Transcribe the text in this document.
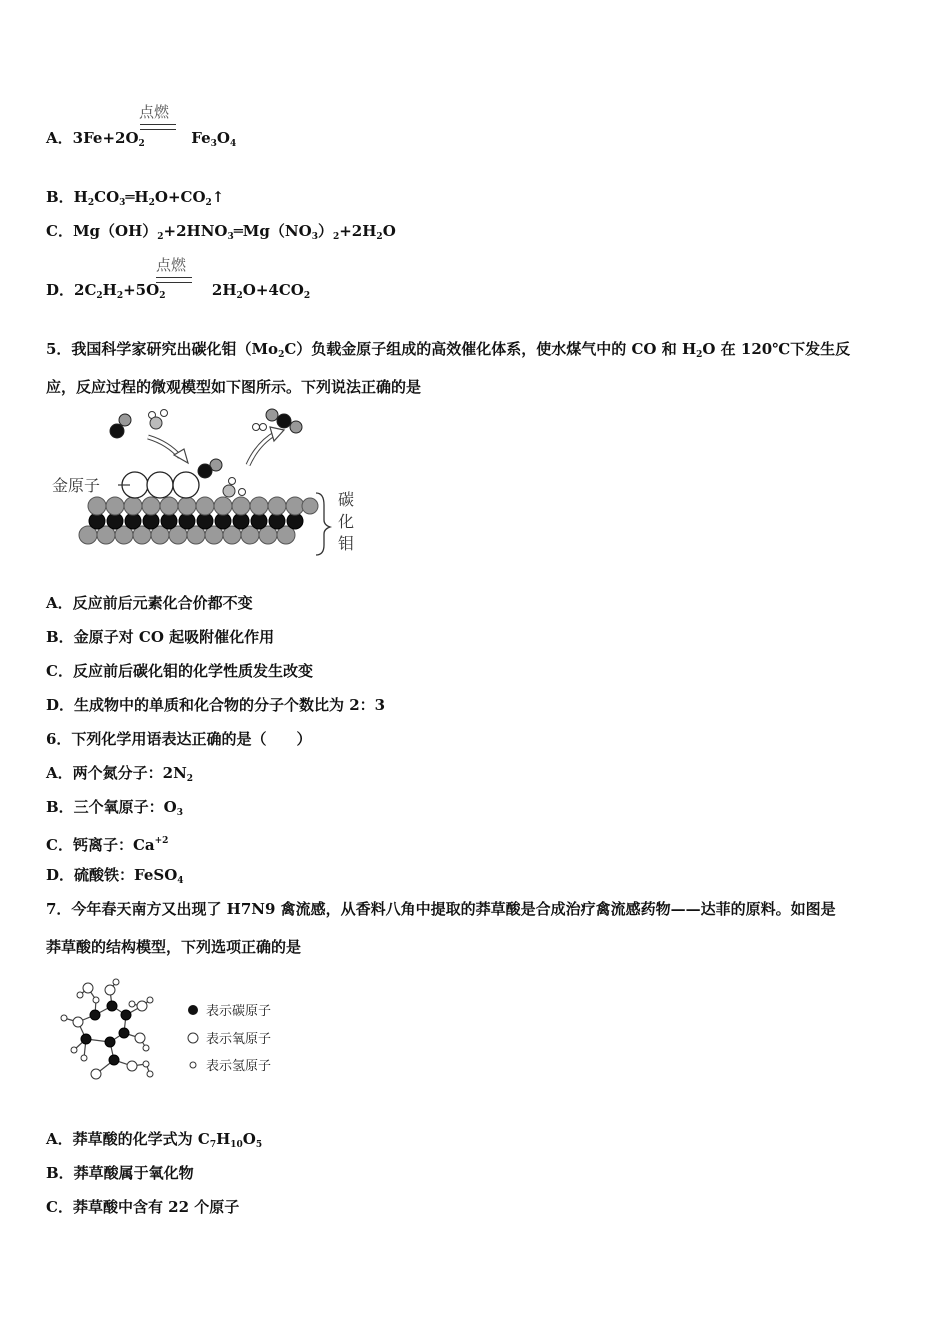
点燃
A．$3Fe+2O_2$	$Fe_3O_4$
B．$H_2CO_3═H_2O+CO_2↑$
C．$Mg(OH)_2+2HNO_3═Mg(NO_3)_2+2H_2O$
点燃
D．$2C_2H_2+5O_2$	$2H_2O+4CO_2$
5．我国科学家研究出碳化钼$(Mo_2C)$负载金原子组成的高效催化体系，使水煤气中的 CO 和 $H_2O$ 在 120℃下发生反
应，反应过程的微观模型如下图所示。下列说法正确的是
金原子
碳
化
钼
A．反应前后元素化合价都不变
B．金原子对 CO 起吸附催化作用
C．反应前后碳化钼的化学性质发生改变
D．生成物中的单质和化合物的分子个数比为 2：3
6．下列化学用语表达正确的是（　　）
A．两个氮分子：$2N_2$
B．三个氧原子：$O_3$
C．钙离子：$Ca^{+2}$
D．硫酸铁：FeSO$_4$
7．今年春天南方又出现了 H7N9 禽流感，从香料八角中提取的莽草酸是合成治疗禽流感药物——达菲的原料。如图是
莽草酸的结构模型，下列选项正确的是
表示碳原子
表示氧原子
表示氢原子
A．莽草酸的化学式为 $C_7H_{10}O_5$
B．莽草酸属于氧化物
C．莽草酸中含有 22 个原子
